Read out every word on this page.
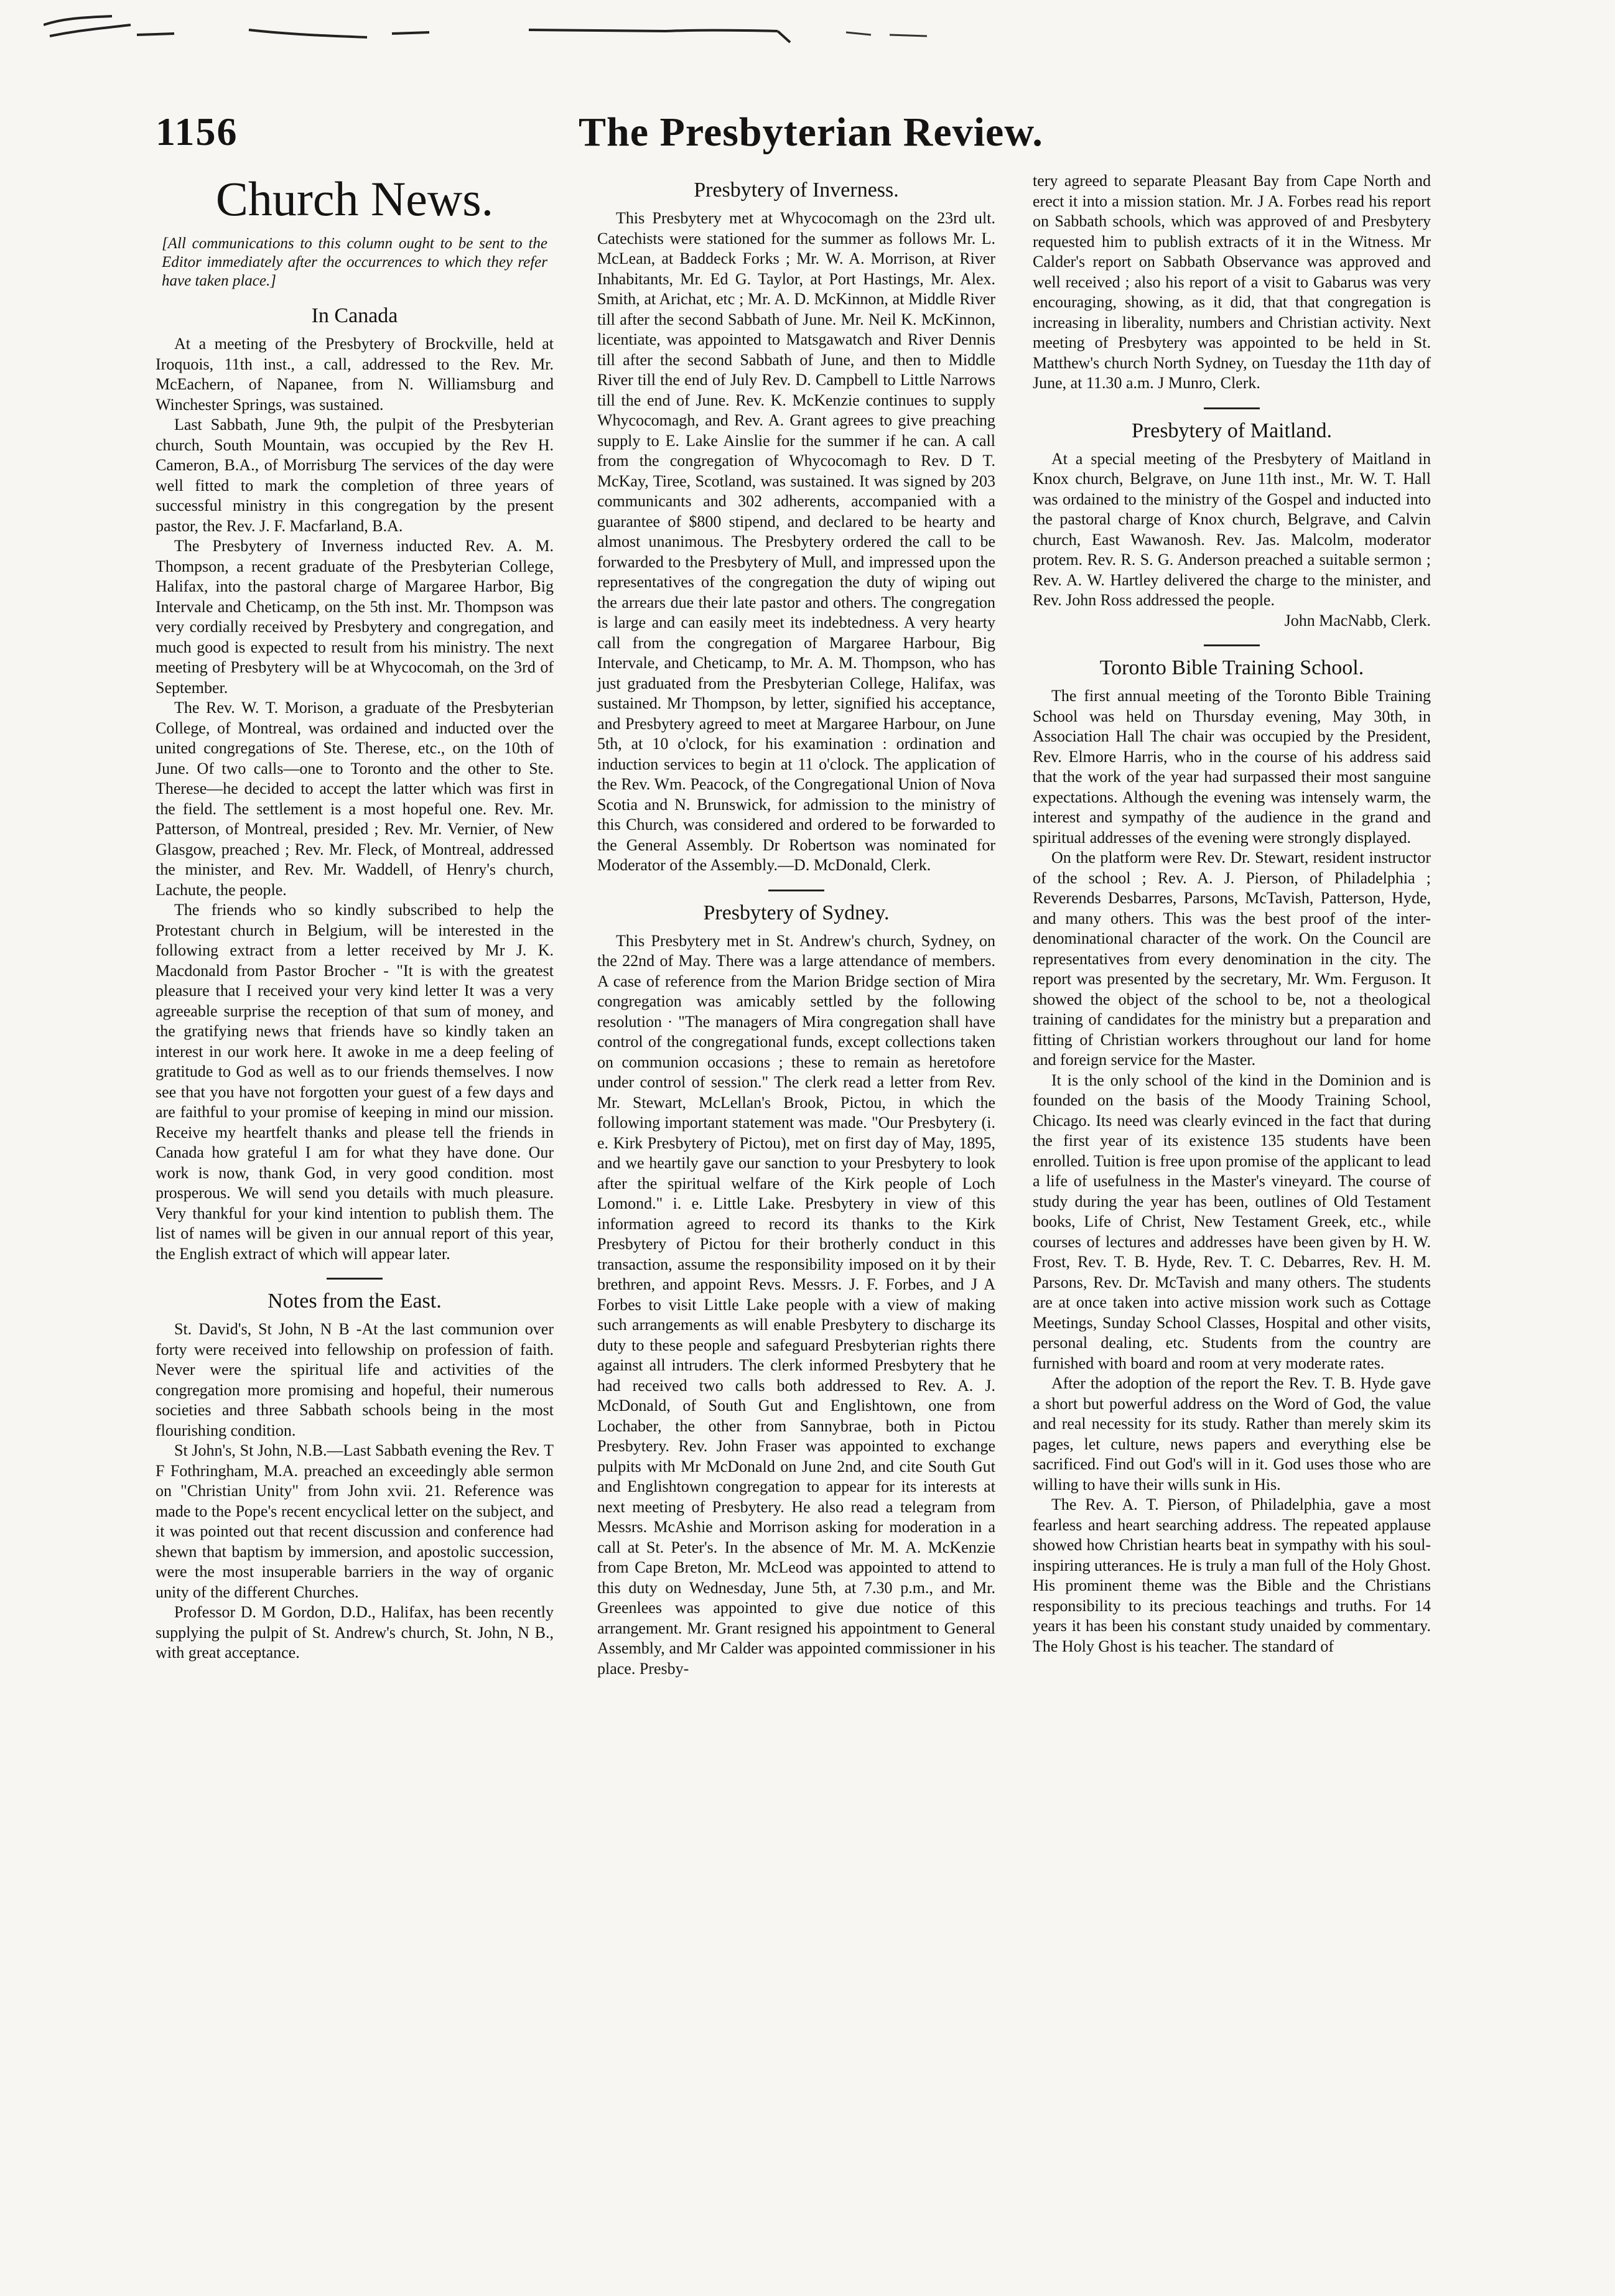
1156	The Presbyterian Review.
Church News.
[All communications to this column ought to be sent to the Editor immediately after the occurrences to which they refer have taken place.]
In Canada

At a meeting of the Presbytery of Brockville, held at Iroquois, 11th inst., a call, addressed to the Rev. Mr. McEachern, of Napanee, from N. Williamsburg and Winchester Springs, was sustained.

Last Sabbath, June 9th, the pulpit of the Presbyterian church, South Mountain, was occupied by the Rev H. Cameron, B.A., of Morrisburg The services of the day were well fitted to mark the completion of three years of successful ministry in this congregation by the present pastor, the Rev. J. F. Macfarland, B.A.

The Presbytery of Inverness inducted Rev. A. M. Thompson, a recent graduate of the Presbyterian College, Halifax, into the pastoral charge of Margaree Harbor, Big Intervale and Cheticamp, on the 5th inst. Mr. Thompson was very cordially received by Presbytery and congregation, and much good is expected to result from his ministry. The next meeting of Presbytery will be at Whycocomah, on the 3rd of September.

The Rev. W. T. Morison, a graduate of the Presbyterian College, of Montreal, was ordained and inducted over the united congregations of Ste. Therese, etc., on the 10th of June. Of two calls—one to Toronto and the other to Ste. Therese—he decided to accept the latter which was first in the field. The settlement is a most hopeful one. Rev. Mr. Patterson, of Montreal, presided ; Rev. Mr. Vernier, of New Glasgow, preached ; Rev. Mr. Fleck, of Montreal, addressed the minister, and Rev. Mr. Waddell, of Henry's church, Lachute, the people.

The friends who so kindly subscribed to help the Protestant church in Belgium, will be interested in the following extract from a letter received by Mr J. K. Macdonald from Pastor Brocher - "It is with the greatest pleasure that I received your very kind letter It was a very agreeable surprise the reception of that sum of money, and the gratifying news that friends have so kindly taken an interest in our work here. It awoke in me a deep feeling of gratitude to God as well as to our friends themselves. I now see that you have not forgotten your guest of a few days and are faithful to your promise of keeping in mind our mission. Receive my heartfelt thanks and please tell the friends in Canada how grateful I am for what they have done. Our work is now, thank God, in very good condition. most prosperous. We will send you details with much pleasure. Very thankful for your kind intention to publish them. The list of names will be given in our annual report of this year, the English extract of which will appear later.

Notes from the East.

St. David's, St John, N B -At the last communion over forty were received into fellowship on profession of faith. Never were the spiritual life and activities of the congregation more promising and hopeful, their numerous societies and three Sabbath schools being in the most flourishing condition.

St John's, St John, N.B.—Last Sabbath evening the Rev. T F Fothringham, M.A. preached an exceedingly able sermon on "Christian Unity" from John xvii. 21. Reference was made to the Pope's recent encyclical letter on the subject, and it was pointed out that recent discussion and conference had shewn that baptism by immersion, and apostolic succession, were the most insuperable barriers in the way of organic unity of the different Churches.

Professor D. M Gordon, D.D., Halifax, has been recently supplying the pulpit of St. Andrew's church, St. John, N B., with great acceptance.

Presbytery of Inverness.

This Presbytery met at Whycocomagh on the 23rd ult. Catechists were stationed for the summer as follows Mr. L. McLean, at Baddeck Forks ; Mr. W. A. Morrison, at River Inhabitants, Mr. Ed G. Taylor, at Port Hastings, Mr. Alex. Smith, at Arichat, etc ; Mr. A. D. McKinnon, at Middle River till after the second Sabbath of June. Mr. Neil K. McKinnon, licentiate, was appointed to Matsgawatch and River Dennis till after the second Sabbath of June, and then to Middle River till the end of July Rev. D. Campbell to Little Narrows till the end of June. Rev. K. McKenzie continues to supply Whycocomagh, and Rev. A. Grant agrees to give preaching supply to E. Lake Ainslie for the summer if he can. A call from the congregation of Whycocomagh to Rev. D T. McKay, Tiree, Scotland, was sustained. It was signed by 203 communicants and 302 adherents, accompanied with a guarantee of $800 stipend, and declared to be hearty and almost unanimous. The Presbytery ordered the call to be forwarded to the Presbytery of Mull, and impressed upon the representatives of the congregation the duty of wiping out the arrears due their late pastor and others. The congregation is large and can easily meet its indebtedness. A very hearty call from the congregation of Margaree Harbour, Big Intervale, and Cheticamp, to Mr. A. M. Thompson, who has just graduated from the Presbyterian College, Halifax, was sustained. Mr Thompson, by letter, signified his acceptance, and Presbytery agreed to meet at Margaree Harbour, on June 5th, at 10 o'clock, for his examination : ordination and induction services to begin at 11 o'clock. The application of the Rev. Wm. Peacock, of the Congregational Union of Nova Scotia and N. Brunswick, for admission to the ministry of this Church, was considered and ordered to be forwarded to the General Assembly. Dr Robertson was nominated for Moderator of the Assembly.—D. McDonald, Clerk.

Presbytery of Sydney.

This Presbytery met in St. Andrew's church, Sydney, on the 22nd of May. There was a large attendance of members. A case of reference from the Marion Bridge section of Mira congregation was amicably settled by the following resolution · "The managers of Mira congregation shall have control of the congregational funds, except collections taken on communion occasions ; these to remain as heretofore under control of session." The clerk read a letter from Rev. Mr. Stewart, McLellan's Brook, Pictou, in which the following important statement was made. "Our Presbytery (i. e. Kirk Presbytery of Pictou), met on first day of May, 1895, and we heartily gave our sanction to your Presbytery to look after the spiritual welfare of the Kirk people of Loch Lomond." i. e. Little Lake. Presbytery in view of this information agreed to record its thanks to the Kirk Presbytery of Pictou for their brotherly conduct in this transaction, assume the responsibility imposed on it by their brethren, and appoint Revs. Messrs. J. F. Forbes, and J A Forbes to visit Little Lake people with a view of making such arrangements as will enable Presbytery to discharge its duty to these people and safeguard Presbyterian rights there against all intruders. The clerk informed Presbytery that he had received two calls both addressed to Rev. A. J. McDonald, of South Gut and Englishtown, one from Lochaber, the other from Sannybrae, both in Pictou Presbytery. Rev. John Fraser was appointed to exchange pulpits with Mr McDonald on June 2nd, and cite South Gut and Englishtown congregation to appear for its interests at next meeting of Presbytery. He also read a telegram from Messrs. McAshie and Morrison asking for moderation in a call at St. Peter's. In the absence of Mr. M. A. McKenzie from Cape Breton, Mr. McLeod was appointed to attend to this duty on Wednesday, June 5th, at 7.30 p.m., and Mr. Greenlees was appointed to give due notice of this arrangement. Mr. Grant resigned his appointment to General Assembly, and Mr Calder was appointed commissioner in his place. Presby-

tery agreed to separate Pleasant Bay from Cape North and erect it into a mission station. Mr. J A. Forbes read his report on Sabbath schools, which was approved of and Presbytery requested him to publish extracts of it in the Witness. Mr Calder's report on Sabbath Observance was approved and well received ; also his report of a visit to Gabarus was very encouraging, showing, as it did, that that congregation is increasing in liberality, numbers and Christian activity. Next meeting of Presbytery was appointed to be held in St. Matthew's church North Sydney, on Tuesday the 11th day of June, at 11.30 a.m. J Munro, Clerk.

Presbytery of Maitland.

At a special meeting of the Presbytery of Maitland in Knox church, Belgrave, on June 11th inst., Mr. W. T. Hall was ordained to the ministry of the Gospel and inducted into the pastoral charge of Knox church, Belgrave, and Calvin church, East Wawanosh. Rev. Jas. Malcolm, moderator protem. Rev. R. S. G. Anderson preached a suitable sermon ; Rev. A. W. Hartley delivered the charge to the minister, and Rev. John Ross addressed the people.

John MacNabb, Clerk.
Toronto Bible Training School.

The first annual meeting of the Toronto Bible Training School was held on Thursday evening, May 30th, in Association Hall The chair was occupied by the President, Rev. Elmore Harris, who in the course of his address said that the work of the year had surpassed their most sanguine expectations. Although the evening was intensely warm, the interest and sympathy of the audience in the grand and spiritual addresses of the evening were strongly displayed.

On the platform were Rev. Dr. Stewart, resident instructor of the school ; Rev. A. J. Pierson, of Philadelphia ; Reverends Desbarres, Parsons, McTavish, Patterson, Hyde, and many others. This was the best proof of the inter-denominational character of the work. On the Council are representatives from every denomination in the city. The report was presented by the secretary, Mr. Wm. Ferguson. It showed the object of the school to be, not a theological training of candidates for the ministry but a preparation and fitting of Christian workers throughout our land for home and foreign service for the Master.

It is the only school of the kind in the Dominion and is founded on the basis of the Moody Training School, Chicago. Its need was clearly evinced in the fact that during the first year of its existence 135 students have been enrolled. Tuition is free upon promise of the applicant to lead a life of usefulness in the Master's vineyard. The course of study during the year has been, outlines of Old Testament books, Life of Christ, New Testament Greek, etc., while courses of lectures and addresses have been given by H. W. Frost, Rev. T. B. Hyde, Rev. T. C. Debarres, Rev. H. M. Parsons, Rev. Dr. McTavish and many others. The students are at once taken into active mission work such as Cottage Meetings, Sunday School Classes, Hospital and other visits, personal dealing, etc. Students from the country are furnished with board and room at very moderate rates.

After the adoption of the report the Rev. T. B. Hyde gave a short but powerful address on the Word of God, the value and real necessity for its study. Rather than merely skim its pages, let culture, news papers and everything else be sacrificed. Find out God's will in it. God uses those who are willing to have their wills sunk in His.

The Rev. A. T. Pierson, of Philadelphia, gave a most fearless and heart searching address. The repeated applause showed how Christian hearts beat in sympathy with his soul-inspiring utterances. He is truly a man full of the Holy Ghost. His prominent theme was the Bible and the Christians responsibility to its precious teachings and truths. For 14 years it has been his constant study unaided by commentary. The Holy Ghost is his teacher. The standard of
